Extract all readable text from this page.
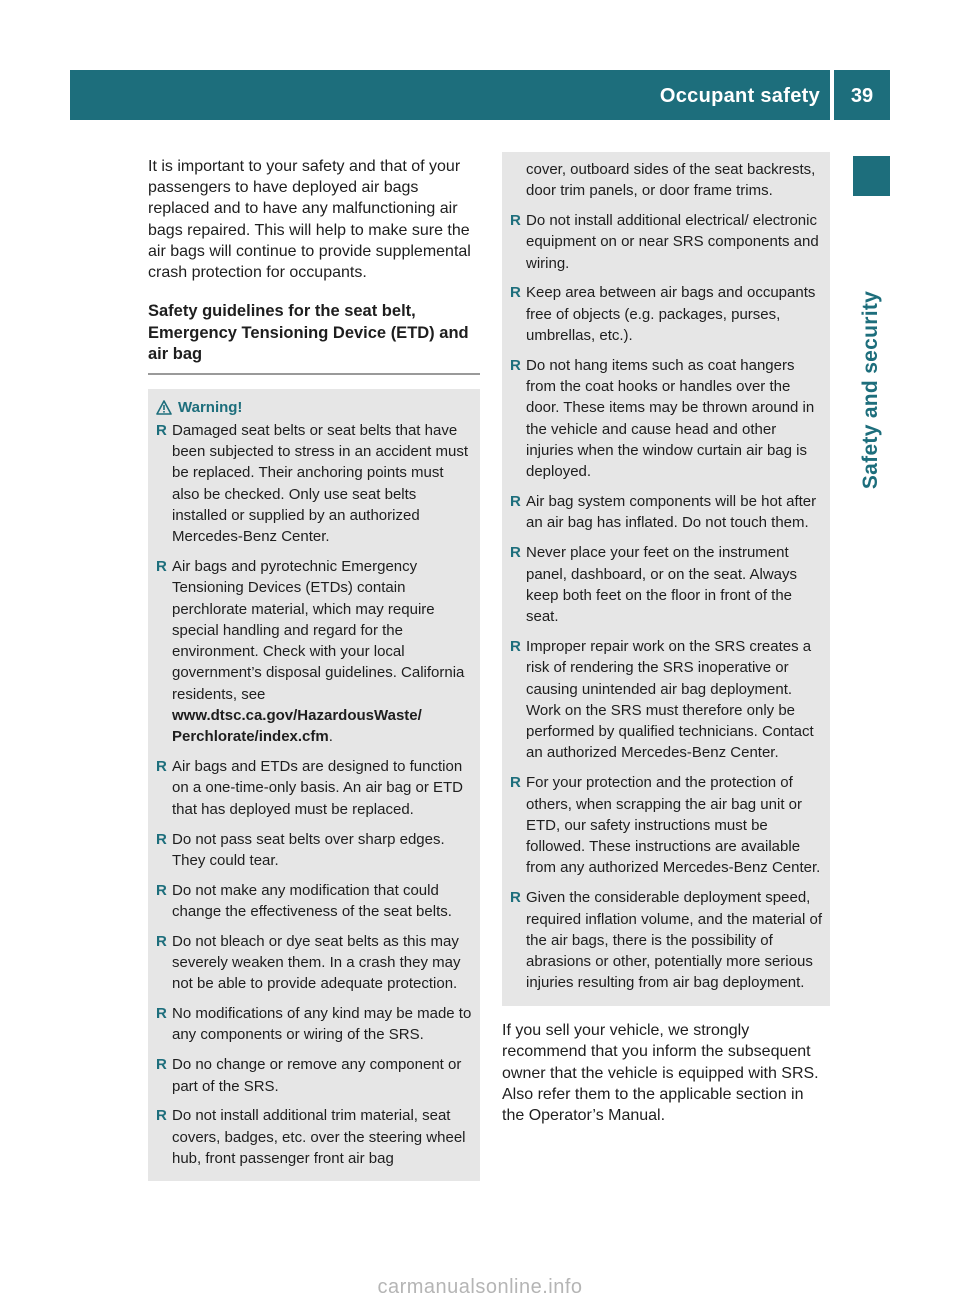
Occupant safety	39
Safety and security

It is important to your safety and that of your passengers to have deployed air bags replaced and to have any malfunctioning air bags repaired. This will help to make sure the air bags will continue to provide supplemental crash protection for occupants.

Safety guidelines for the seat belt, Emergency Tensioning Device (ETD) and air bag

Warning!
R Damaged seat belts or seat belts that have been subjected to stress in an accident must be replaced. Their anchoring points must also be checked. Only use seat belts installed or supplied by an authorized Mercedes-Benz Center.
R Air bags and pyrotechnic Emergency Tensioning Devices (ETDs) contain perchlorate material, which may require special handling and regard for the environment. Check with your local government’s disposal guidelines. California residents, see www.dtsc.ca.gov/HazardousWaste/ Perchlorate/index.cfm.
R Air bags and ETDs are designed to function on a one-time-only basis. An air bag or ETD that has deployed must be replaced.
R Do not pass seat belts over sharp edges. They could tear.
R Do not make any modification that could change the effectiveness of the seat belts.
R Do not bleach or dye seat belts as this may severely weaken them. In a crash they may not be able to provide adequate protection.
R No modifications of any kind may be made to any components or wiring of the SRS.
R Do no change or remove any component or part of the SRS.
R Do not install additional trim material, seat covers, badges, etc. over the steering wheel hub, front passenger front air bag
cover, outboard sides of the seat backrests, door trim panels, or door frame trims.
R Do not install additional electrical/ electronic equipment on or near SRS components and wiring.
R Keep area between air bags and occupants free of objects (e.g. packages, purses, umbrellas, etc.).
R Do not hang items such as coat hangers from the coat hooks or handles over the door. These items may be thrown around in the vehicle and cause head and other injuries when the window curtain air bag is deployed.
R Air bag system components will be hot after an air bag has inflated. Do not touch them.
R Never place your feet on the instrument panel, dashboard, or on the seat. Always keep both feet on the floor in front of the seat.
R Improper repair work on the SRS creates a risk of rendering the SRS inoperative or causing unintended air bag deployment. Work on the SRS must therefore only be performed by qualified technicians. Contact an authorized Mercedes-Benz Center.
R For your protection and the protection of others, when scrapping the air bag unit or ETD, our safety instructions must be followed. These instructions are available from any authorized Mercedes-Benz Center.
R Given the considerable deployment speed, required inflation volume, and the material of the air bags, there is the possibility of abrasions or other, potentially more serious injuries resulting from air bag deployment.

If you sell your vehicle, we strongly recommend that you inform the subsequent owner that the vehicle is equipped with SRS. Also refer them to the applicable section in the Operator’s Manual.

carmanualsonline.info
